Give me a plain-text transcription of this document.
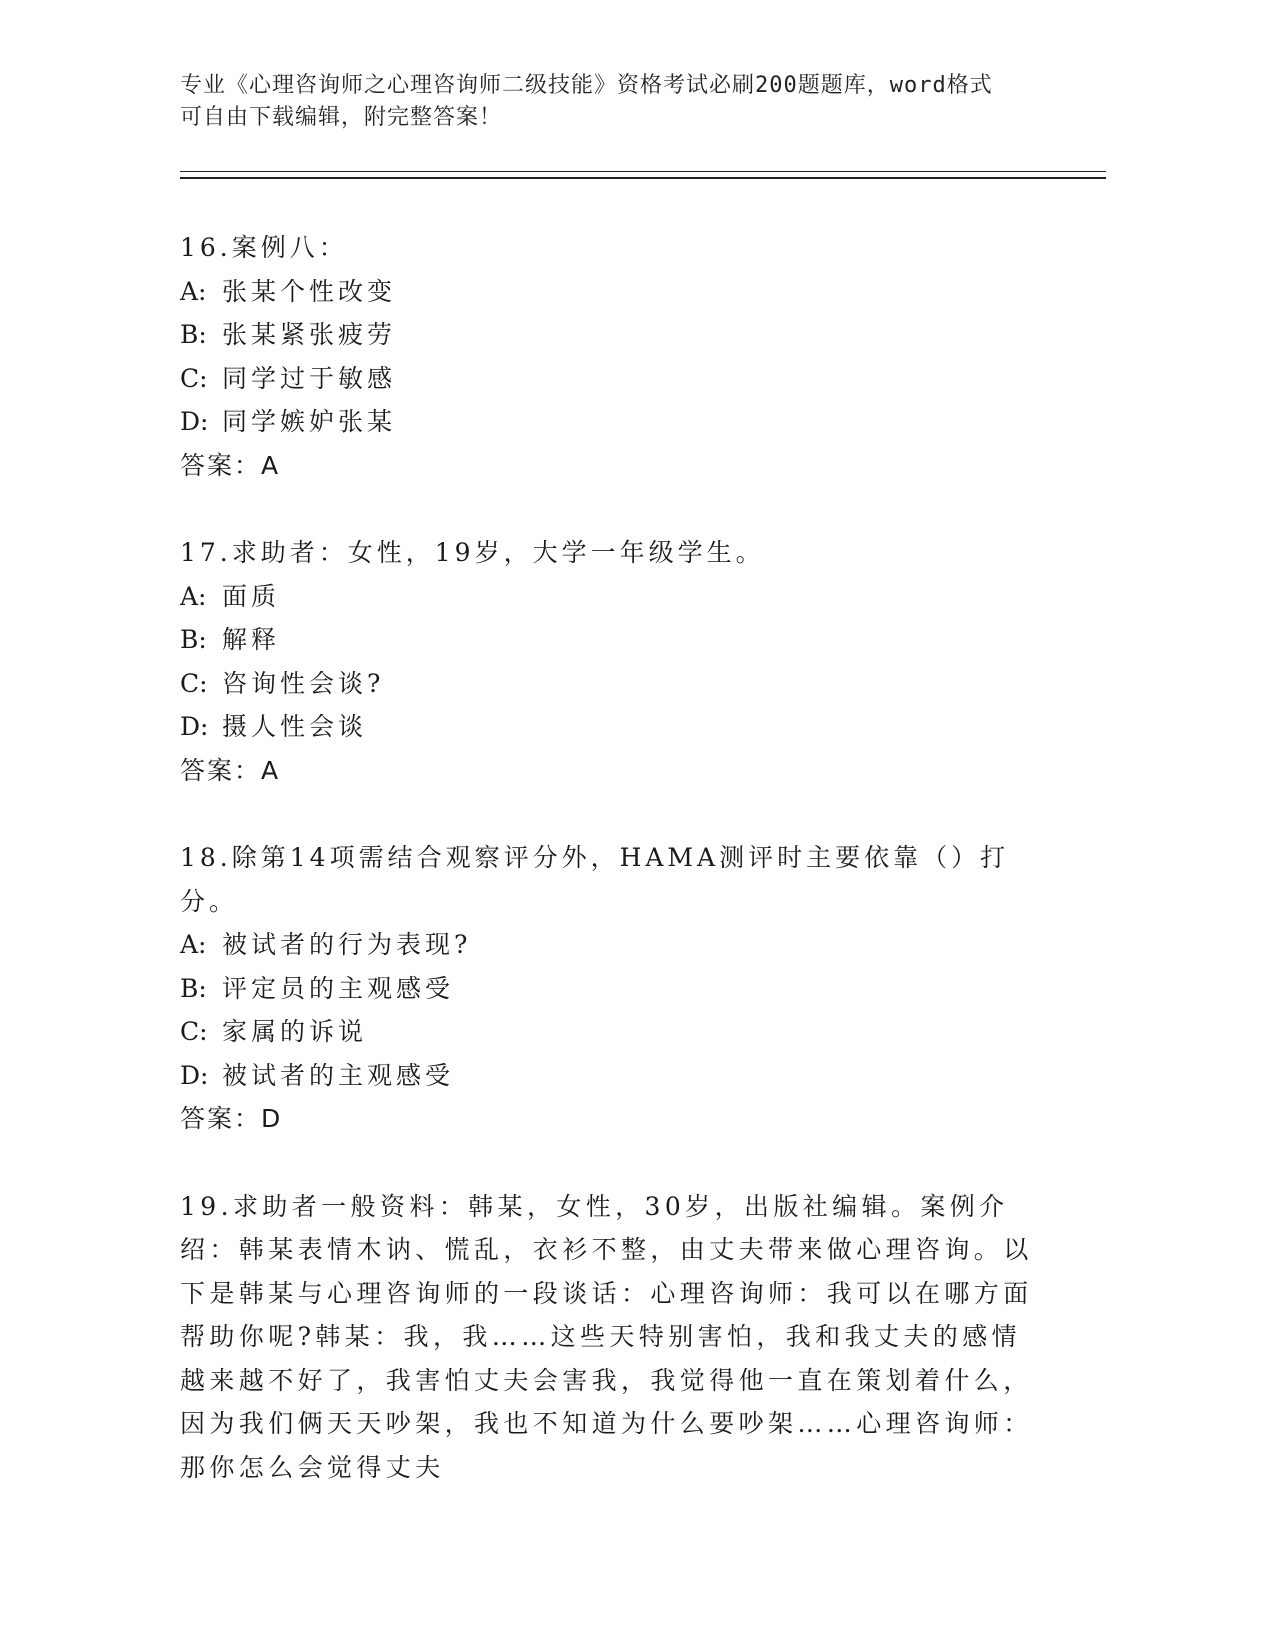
专业《心理咨询师之心理咨询师二级技能》资格考试必刷200题题库，word格式
可自由下载编辑，附完整答案！
16.案例八：
A: 张某个性改变
B: 张某紧张疲劳
C: 同学过于敏感
D: 同学嫉妒张某
答案：A
17.求助者：女性，19岁，大学一年级学生。
A: 面质
B: 解释
C: 咨询性会谈?
D: 摄人性会谈
答案：A
18.除第14项需结合观察评分外，HAMA测评时主要依靠（）打分。
A: 被试者的行为表现?
B: 评定员的主观感受
C: 家属的诉说
D: 被试者的主观感受
答案：D
19.求助者一般资料：韩某，女性，30岁，出版社编辑。案例介绍：韩某表情木讷、慌乱，衣衫不整，由丈夫带来做心理咨询。以下是韩某与心理咨询师的一段谈话：心理咨询师：我可以在哪方面帮助你呢?韩某：我，我……这些天特别害怕，我和我丈夫的感情越来越不好了，我害怕丈夫会害我，我觉得他一直在策划着什么，因为我们俩天天吵架，我也不知道为什么要吵架……心理咨询师：那你怎么会觉得丈夫
